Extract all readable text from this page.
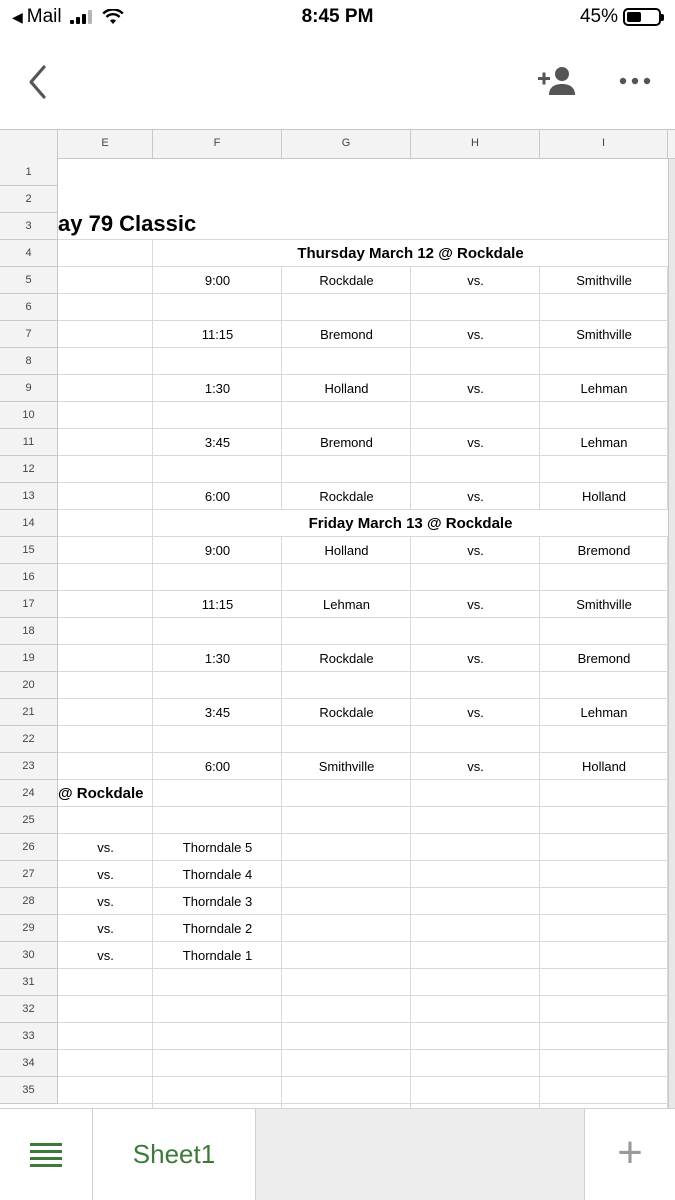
◀ Mail	8:45 PM	45%
E	F	G	H	I
1
2
3
4
5
6
7
8
9
10
11
12
13
14
15
16
17
18
19
20
21
22
23
24
25
26
27
28
29
30
31
32
33
34
35
ay 79 Classic
Thursday March 12 @ Rockdale
Friday March 13 @ Rockdale
@ Rockdale
9:00	Rockdale	vs.	Smithville
11:15	Bremond	vs.	Smithville
1:30	Holland	vs.	Lehman
3:45	Bremond	vs.	Lehman
6:00	Rockdale	vs.	Holland
9:00	Holland	vs.	Bremond
11:15	Lehman	vs.	Smithville
1:30	Rockdale	vs.	Bremond
3:45	Rockdale	vs.	Lehman
6:00	Smithville	vs.	Holland
vs.	Thorndale 5
vs.	Thorndale 4
vs.	Thorndale 3
vs.	Thorndale 2
vs.	Thorndale 1
Sheet1	+
